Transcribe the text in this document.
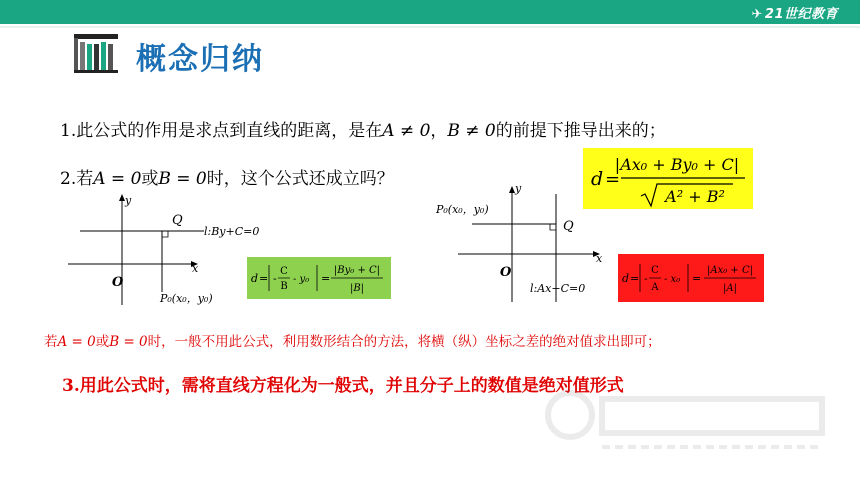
✈ 21世纪教育
概念归纳
1.此公式的作用是求点到直线的距离，是在A ≠ 0，B ≠ 0的前提下推导出来的；
2.若A = 0或B = 0时，这个公式还成立吗？	d =
|Ax₀ + By₀ + C|
A² + B²
y
x
O
Q
l:By+C=0
P₀(x₀，y₀)
d = -
C
B
- y₀ =
|By₀ + C|
|B|
y
x
O
Q
P₀(x₀，y₀)
l:Ax+C=0
d = -
C
A
- x₀ =
|Ax₀ + C|
|A|
若A = 0或B = 0时，一般不用此公式，利用数形结合的方法，将横（纵）坐标之差的绝对值求出即可；
3.用此公式时，需将直线方程化为一般式，并且分子上的数值是绝对值形式
